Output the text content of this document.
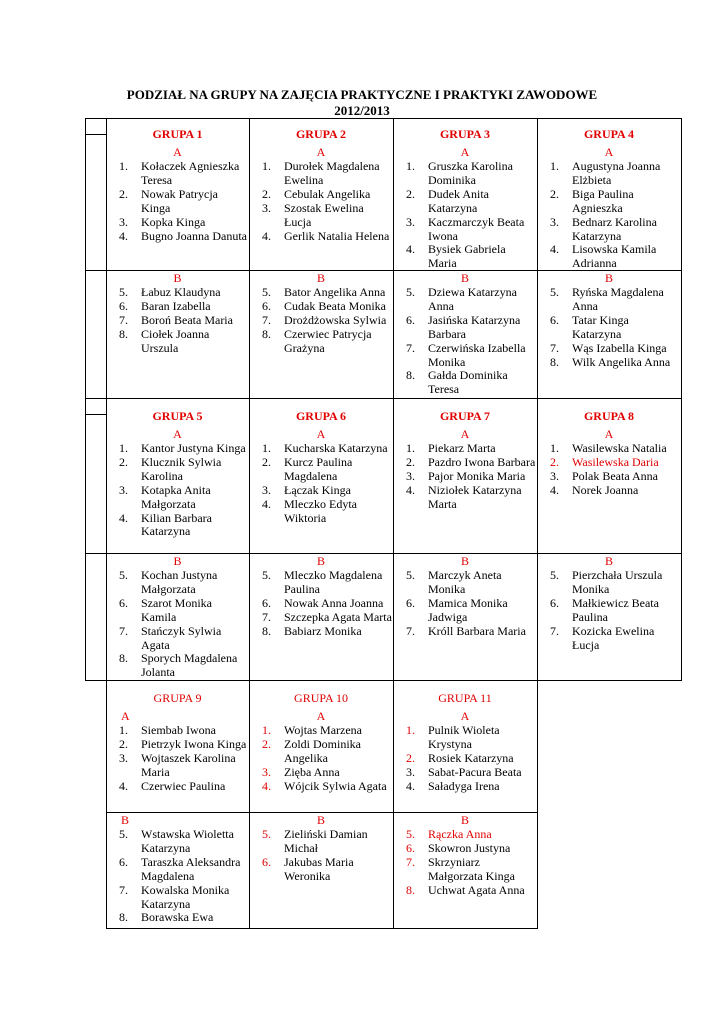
PODZIAŁ NA GRUPY NA ZAJĘCIA PRAKTYCZNE I PRAKTYKI ZAWODOWE
2012/2013
GRUPA 1
A
1. Kołaczek Agnieszka Teresa
2. Nowak Patrycja Kinga
3. Kopka Kinga
4. Bugno Joanna Danuta
B
5. Łabuz Klaudyna
6. Baran Izabella
7. Boroń Beata Maria
8. Ciołek Joanna Urszula
GRUPA 2
A
1. Durołek Magdalena Ewelina
2. Cebulak Angelika
3. Szostak Ewelina Łucja
4. Gerlik Natalia Helena
B
5. Bator Angelika Anna
6. Cudak Beata Monika
7. Drożdżowska Sylwia
8. Czerwiec Patrycja Grażyna
GRUPA 3
A
1. Gruszka Karolina Dominika
2. Dudek Anita Katarzyna
3. Kaczmarczyk Beata Iwona
4. Bysiek Gabriela Maria
B
5. Dziewa Katarzyna Anna
6. Jasińska Katarzyna Barbara
7. Czerwińska Izabella Monika
8. Gałda Dominika Teresa
GRUPA 4
A
1. Augustyna Joanna Elżbieta
2. Biga Paulina Agnieszka
3. Bednarz Karolina Katarzyna
4. Lisowska Kamila Adrianna
B
5. Ryńska Magdalena Anna
6. Tatar Kinga Katarzyna
7. Wąs Izabella Kinga
8. Wilk Angelika Anna
GRUPA 5
A
1. Kantor Justyna Kinga
2. Klucznik Sylwia Karolina
3. Kotapka Anita Małgorzata
4. Kilian Barbara Katarzyna
B
5. Kochan Justyna Małgorzata
6. Szarot Monika Kamila
7. Stańczyk Sylwia Agata
8. Sporych Magdalena Jolanta
GRUPA 6
A
1. Kucharska Katarzyna
2. Kurcz Paulina Magdalena
3. Łączak Kinga
4. Mleczko Edyta Wiktoria
B
5. Mleczko Magdalena Paulina
6. Nowak Anna Joanna
7. Szczepka Agata Marta
8. Babiarz Monika
GRUPA 7
A
1. Piekarz Marta
2. Pazdro Iwona Barbara
3. Pajor Monika Maria
4. Niziołek Katarzyna Marta
B
5. Marczyk Aneta Monika
6. Mamica Monika Jadwiga
7. Króll Barbara Maria
GRUPA 8
A
1. Wasilewska Natalia
2. Wasilewska Daria
3. Polak Beata Anna
4. Norek Joanna
B
5. Pierzchała Urszula Monika
6. Małkiewicz Beata Paulina
7. Kozicka Ewelina Łucja
GRUPA 9
A
1. Siembab Iwona
2. Pietrzyk Iwona Kinga
3. Wojtaszek Karolina Maria
4. Czerwiec Paulina
B
5. Wstawska Wioletta Katarzyna
6. Taraszka Aleksandra Magdalena
7. Kowalska Monika Katarzyna
8. Borawska Ewa
GRUPA 10
A
1. Wojtas Marzena
2. Zoldi Dominika Angelika
3. Zięba Anna
4. Wójcik Sylwia Agata
B
5. Zieliński Damian Michał
6. Jakubas Maria Weronika
GRUPA 11
A
1. Pulnik Wioleta Krystyna
2. Rosiek Katarzyna
3. Sabat-Pacura Beata
4. Saładyga Irena
B
5. Rączka Anna
6. Skowron Justyna
7. Skrzyniarz Małgorzata Kinga
8. Uchwat Agata Anna
